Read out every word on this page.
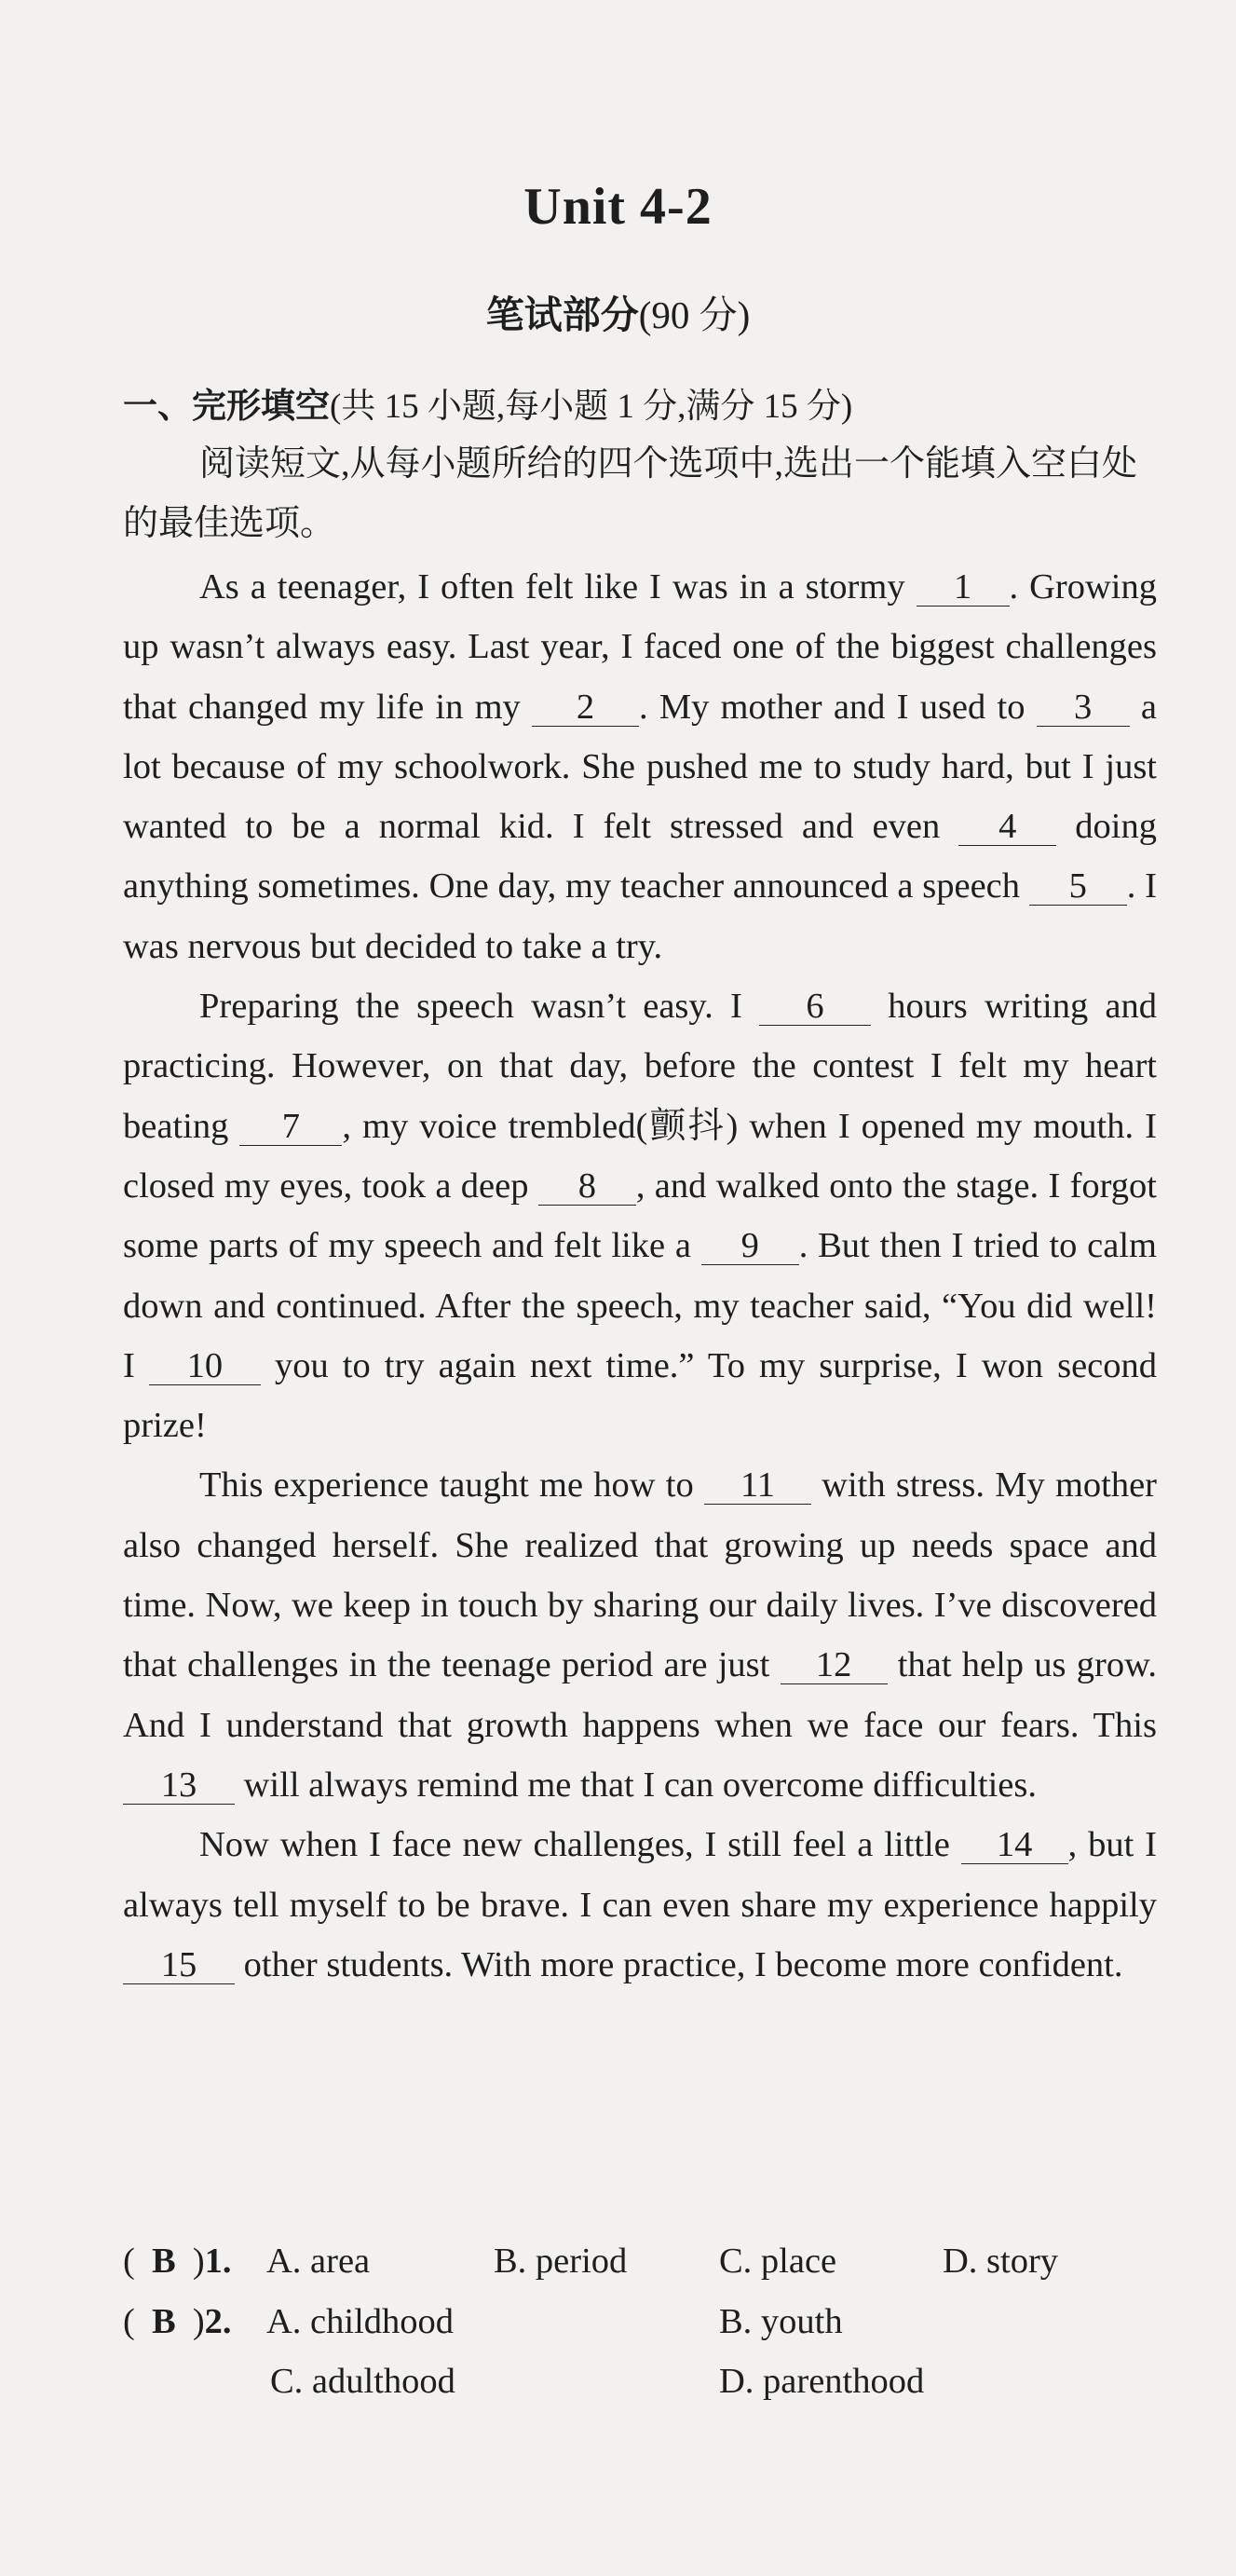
Unit 4-2
笔试部分(90 分)
一、完形填空(共 15 小题,每小题 1 分,满分 15 分)
阅读短文,从每小题所给的四个选项中,选出一个能填入空白处的最佳选项。

As a teenager, I often felt like I was in a stormy 1 . Growing up wasn’t always easy. Last year, I faced one of the biggest challenges that changed my life in my 2 . My mother and I used to 3 a lot because of my schoolwork. She pushed me to study hard, but I just wanted to be a normal kid. I felt stressed and even 4 doing anything sometimes. One day, my teacher announced a speech 5 . I was nervous but decided to take a try.

Preparing the speech wasn’t easy. I 6 hours writing and practicing. However, on that day, before the contest I felt my heart beating 7 , my voice trembled(颤抖) when I opened my mouth. I closed my eyes, took a deep 8 , and walked onto the stage. I forgot some parts of my speech and felt like a 9 . But then I tried to calm down and continued. After the speech, my teacher said, “You did well! I 10 you to try again next time.” To my surprise, I won second prize!

This experience taught me how to 11 with stress. My mother also changed herself. She realized that growing up needs space and time. Now, we keep in touch by sharing our daily lives. I’ve discovered that challenges in the teenage period are just 12 that help us grow. And I understand that growth happens when we face our fears. This 13 will always remind me that I can overcome difficulties.

Now when I face new challenges, I still feel a little 14 , but I always tell myself to be brave. I can even share my experience happily 15 other students. With more practice, I become more confident.

( B )1. A. area	B. period	C. place	D. story
( B )2. A. childhood	B. youth
C. adulthood	D. parenthood
